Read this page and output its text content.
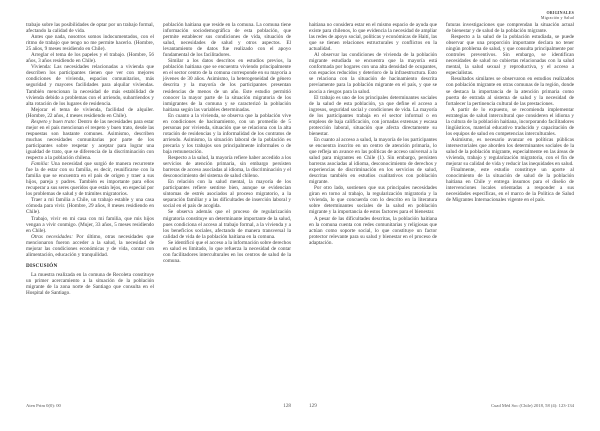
trabajo sobre las posibilidades de optar por un trabajo formal, afectando la calidad de vida.

Antes que nada, nosotros somos indocumentados, con el ritmo de trabajo que tengo no me permite hacerlo. (Hombre, 25 años, 9 meses residiendo en Chile).

Arreglar el tema de los papeles y el trabajo. (Hombre, 56 años, 3 años residiendo en Chile).

Vivienda: Las necesidades relacionadas a vivienda que describen los participantes tienen que ver con mejores condiciones de vivienda, espacios comunitarios, más seguridad y mayores facilidades para alquilar viviendas. También mencionan la necesidad de más estabilidad de vivienda debido a problemas con el arriendo, subarriendos y alta rotación de los lugares de residencia.

Mejorar el tema de vivienda, facilidad de alquiler. (Hombre, 22 años, 4 meses residiendo en Chile).

Respeto y buen trato: Dentro de las necesidades para estar mejor en el país mencionan el respeto y buen trato, desde las respuestas son bastante comunes. Asimismo, describen muchas necesidades comunitarias por parte de los participantes sobre respetar y aceptar para lograr una igualdad de trato, que se diferencia de la discriminación con respecto a la población chilena.

Familia: Una necesidad que surgió de manera recurrente fue la de estar con su familia, es decir, reunificarse con la familia que se encuentra en el país de origen y traer a sus hijos, pareja y padres. También es importante para ellos recuperar a sus seres queridos que están lejos, en especial por los problemas de salud y de trámites migratorios.

Traer a mi familia a Chile, un trabajo estable y una casa cómoda para vivir. (Hombre, 29 años, 8 meses residiendo en Chile).

Trabajo, vivir en mi casa con mi familia, que mis hijos vengan a vivir conmigo. (Mujer, 33 años, 5 meses residiendo en Chile).

Otras necesidades: Por último, otras necesidades que mencionaron fueron acceder a la salud, la necesidad de mejorar las condiciones económicas y de vida, contar con alimentación, educación y tranquilidad.

DISCUSIÓN

La muestra realizada en la comuna de Recoleta constituye un primer acercamiento a la situación de la población migrante de la zona norte de Santiago que consulta en el Hospital de Santiago.

población haitiana que reside en la comuna. La comuna tiene información sociodemográfica de esta población, que permite establecer sus condiciones de vida, situación de salud, necesidades de salud y otros aspectos. El levantamiento de datos fue realizado con el apoyo fundamental de los facilitadores.

Similar a los datos descritos en estudios previos, la población haitiana que se encuentra viviendo principalmente en el sector centro de la comuna corresponde en su mayoría a jóvenes de 30 años. Asimismo, la heterogeneidad de género descrita y la mayoría de los participantes presentan residencias de menos de un año. Este estudio permitió conocer la mayor parte de la situación migratoria de los inmigrantes de la comuna y se caracterizó la población haitiana según las variables determinadas.

En cuanto a la vivienda, se observa que la población vive en condiciones de hacinamiento, con un promedio de 5 personas por vivienda, situación que se relaciona con la alta rotación de residencias y la informalidad de los contratos de arriendo. Asimismo, la situación laboral de la población es precaria y los trabajos son principalmente informales o de baja remuneración.

Respecto a la salud, la mayoría refiere haber accedido a los servicios de atención primaria, sin embargo persisten barreras de acceso asociadas al idioma, la discriminación y el desconocimiento del sistema de salud chileno.

En relación con la salud mental, la mayoría de los participantes refiere sentirse bien, aunque se evidencian síntomas de estrés asociados al proceso migratorio, a la separación familiar y a las dificultades de inserción laboral y social en el país de acogida.

Se observa además que el proceso de regularización migratoria constituye un determinante importante de la salud, pues condiciona el acceso al trabajo formal, a la vivienda y a los beneficios sociales, afectando de manera transversal la calidad de vida de la población haitiana en la comuna.

Se identificó que el acceso a la información sobre derechos en salud es limitado, lo que refuerza la necesidad de contar con facilitadores interculturales en los centros de salud de la comuna.

Aten Prim 0(0): 00	128
ORIGINALES
Migración y Salud

haitiana no considera estar en el mismo espacio de ayuda que existe para chilenos, lo que evidencia la necesidad de ampliar las redes de apoyo social, políticas y económicas de Haití, las que se tienen relaciones estructurales y conflictos en la actualidad.

Al observar las condiciones de vivienda de la población migrante estudiada se encuentra que la mayoría está conformada por hogares con una alta densidad de ocupantes, con espacios reducidos y deterioro de la infraestructura. Esto se relaciona con la situación de hacinamiento descrita previamente para la población migrante en el país, y que se asocia a riesgos para la salud.

El trabajo es uno de los principales determinantes sociales de la salud de esta población, ya que define el acceso a ingresos, seguridad social y condiciones de vida. La mayoría de los participantes trabaja en el sector informal o en empleos de baja calificación, con jornadas extensas y escasa protección laboral, situación que afecta directamente su bienestar.

En cuanto al acceso a salud, la mayoría de los participantes se encuentra inscrito en un centro de atención primaria, lo que refleja un avance en las políticas de acceso universal a la salud para migrantes en Chile (1). Sin embargo, persisten barreras asociadas al idioma, desconocimiento de derechos y experiencias de discriminación en los servicios de salud, descritas también en estudios cualitativos con población migrante.

Por otro lado, sostienen que sus principales necesidades giran en torno al trabajo, la regularización migratoria y la vivienda, lo que concuerda con lo descrito en la literatura sobre determinantes sociales de la salud en población migrante y la importancia de estos factores para el bienestar.

A pesar de las dificultades descritas, la población haitiana en la comuna cuenta con redes comunitarias y religiosas que actúan como soporte social, lo que constituye un factor protector relevante para su salud y bienestar en el proceso de adaptación.

futuras investigaciones que comprendan la situación actual de bienestar y de salud de la población migrante.

Respecto a la salud de la población estudiada, se puede observar que una proporción importante declara no tener ningún problema de salud, y que consulta principalmente por controles preventivos. Sin embargo, se identifican necesidades de salud no cubiertas relacionadas con la salud mental, la salud sexual y reproductiva, y el acceso a especialistas.

Resultados similares se observaron en estudios realizados con población migrante en otras comunas de la región, donde se destaca la importancia de la atención primaria como puerta de entrada al sistema de salud y la necesidad de fortalecer la pertinencia cultural de las prestaciones.

A partir de lo expuesto, se recomienda implementar estrategias de salud intercultural que consideren el idioma y la cultura de la población haitiana, incorporando facilitadores lingüísticos, material educativo traducido y capacitación de los equipos de salud en competencias interculturales.

Asimismo, es necesario avanzar en políticas públicas intersectoriales que aborden los determinantes sociales de la salud de la población migrante, especialmente en las áreas de vivienda, trabajo y regularización migratoria, con el fin de mejorar su calidad de vida y reducir las inequidades en salud.

Finalmente, este estudio constituye un aporte al conocimiento de la situación de salud de la población haitiana en Chile y entrega insumos para el diseño de intervenciones locales orientadas a responder a sus necesidades específicas, en el marco de la Política de Salud de Migrantes Internacionales vigente en el país.

129	Cuad Méd Soc (Chile) 2018, 58 (4): 123-134
